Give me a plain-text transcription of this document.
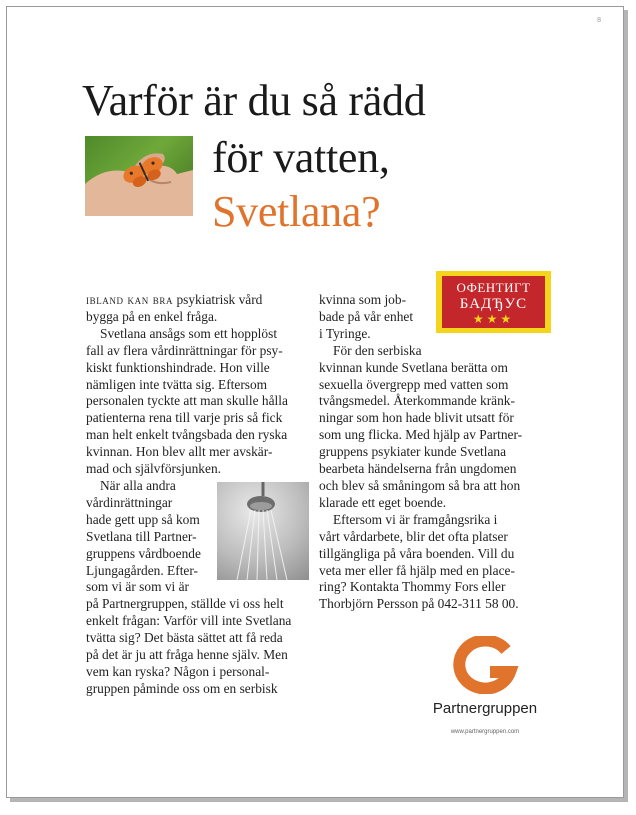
8
Varför är du så rädd
för vatten,
Svetlana?
ibland kan bra psykiatrisk vård
bygga på en enkel fråga.
Svetlana ansågs som ett hopplöst
fall av flera vårdinrättningar för psy-
kiskt funktionshindrade. Hon ville
nämligen inte tvätta sig. Eftersom
personalen tyckte att man skulle hålla
patienterna rena till varje pris så fick
man helt enkelt tvångsbada den ryska
kvinnan. Hon blev allt mer avskär-
mad och självförsjunken.
När alla andra
vårdinrättningar
hade gett upp så kom
Svetlana till Partner-
gruppens vårdboende
Ljungagården. Efter-
som vi är som vi är
på Partnergruppen, ställde vi oss helt
enkelt frågan: Varför vill inte Svetlana
tvätta sig? Det bästa sättet att få reda
på det är ju att fråga henne själv. Men
vem kan ryska? Någon i personal-
gruppen påminde oss om en serbisk
kvinna som job-
bade på vår enhet
i Tyringe.
För den serbiska
kvinnan kunde Svetlana berätta om
sexuella övergrepp med vatten som
tvångsmedel. Återkommande kränk-
ningar som hon hade blivit utsatt för
som ung flicka. Med hjälp av Partner-
gruppens psykiater kunde Svetlana
bearbeta händelserna från ungdomen
och blev så småningom så bra att hon
klarade ett eget boende.
Eftersom vi är framgångsrika i
vårt vårdarbete, blir det ofta platser
tillgängliga på våra boenden. Vill du
veta mer eller få hjälp med en place-
ring? Kontakta Thommy Fors eller
Thorbjörn Persson på 042-311 58 00.
ОФЕНТИГТ
БАДЂУС
★★★
Partnergruppen
www.partnergruppen.com
